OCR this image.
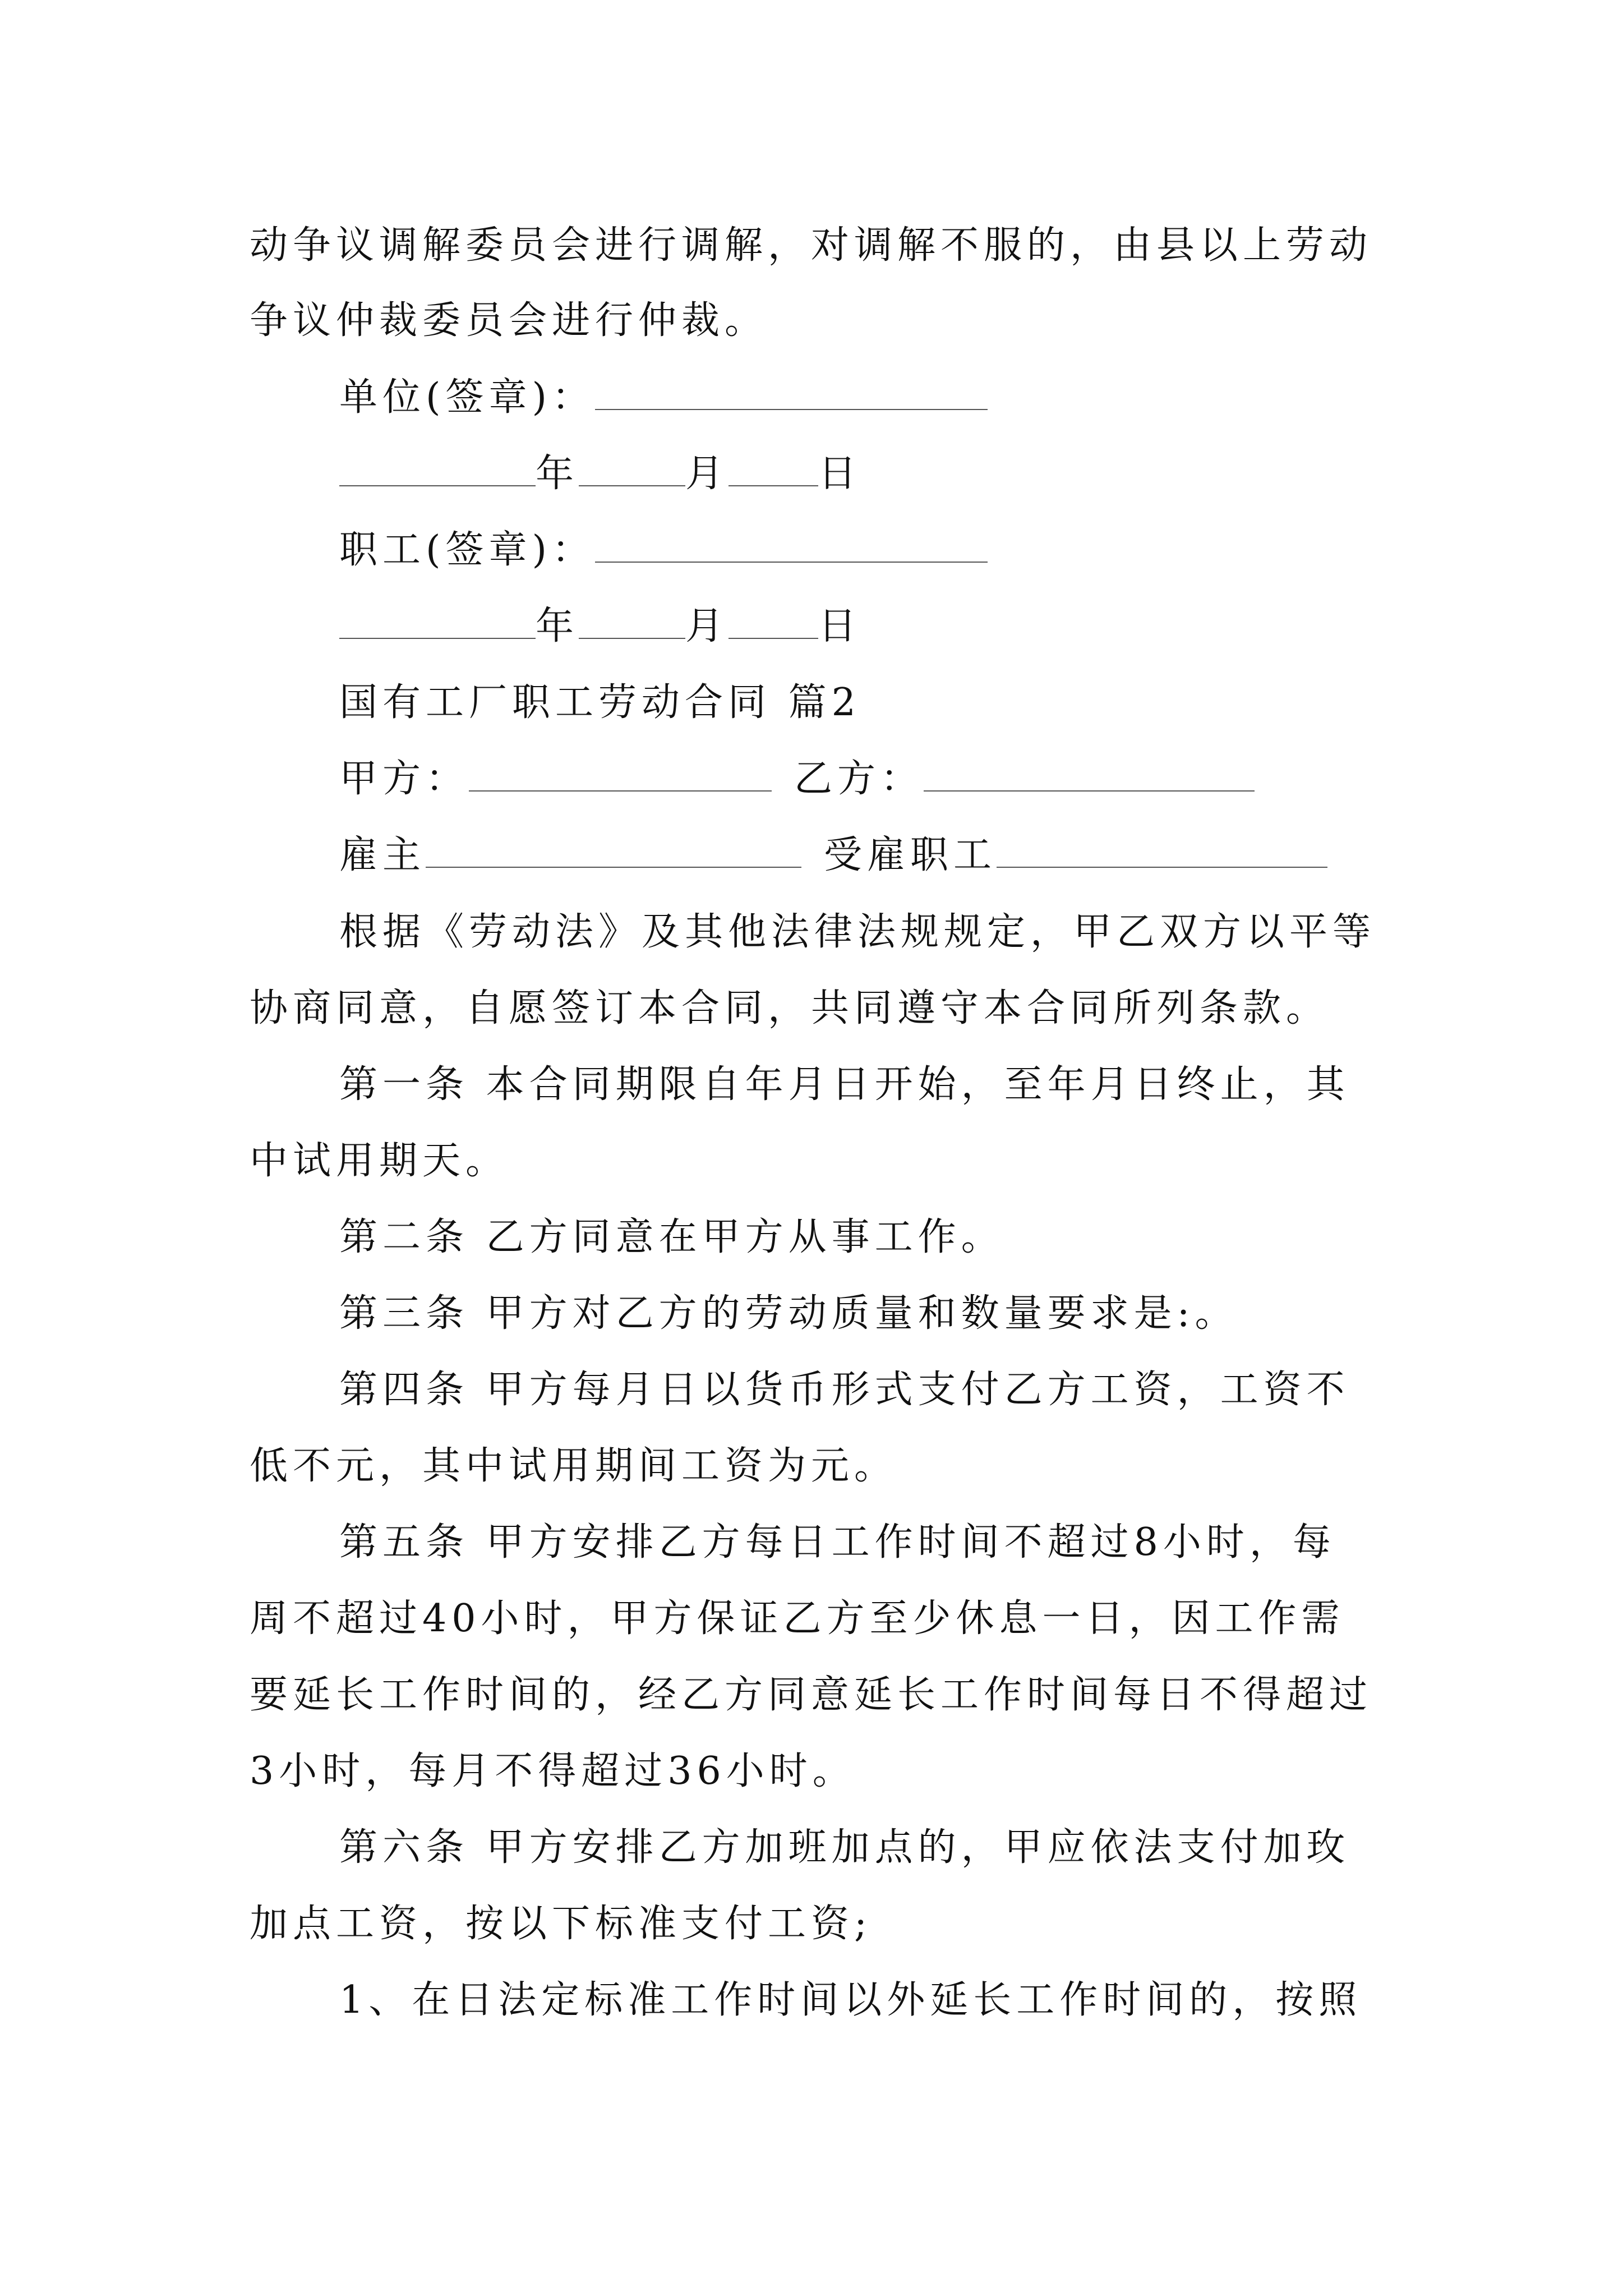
动争议调解委员会进行调解，对调解不服的，由县以上劳动
争议仲裁委员会进行仲裁。
单位(签章)：
年	月 日
职工(签章)：
年	月 日
国有工厂职工劳动合同 篇2
甲方：	乙方：
雇主	受雇职工
根据《劳动法》及其他法律法规规定，甲乙双方以平等
协商同意，自愿签订本合同，共同遵守本合同所列条款。
第一条 本合同期限自年月日开始，至年月日终止，其
中试用期天。
第二条 乙方同意在甲方从事工作。
第三条 甲方对乙方的劳动质量和数量要求是:。
第四条 甲方每月日以货币形式支付乙方工资，工资不
低不元，其中试用期间工资为元。
第五条 甲方安排乙方每日工作时间不超过8小时，每
周不超过40小时，甲方保证乙方至少休息一日，因工作需
要延长工作时间的，经乙方同意延长工作时间每日不得超过
3小时，每月不得超过36小时。
第六条 甲方安排乙方加班加点的，甲应依法支付加玫
加点工资，按以下标准支付工资;
1、在日法定标准工作时间以外延长工作时间的，按照
